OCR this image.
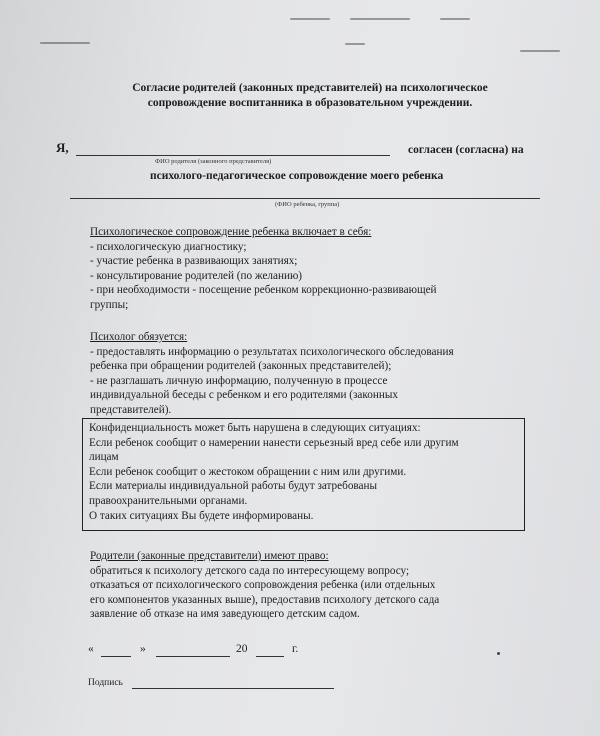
Согласие родителей (законных представителей) на психологическое
сопровождение воспитанника в образовательном учреждении.
Я,
ФИО родителя (законного представителя)
согласен (согласна) на
психолого-педагогическое сопровождение моего ребенка
(ФИО ребенка, группа)
Психологическое сопровождение ребенка включает в себя:
- психологическую диагностику;
- участие ребенка в развивающих занятиях;
- консультирование родителей (по желанию)
- при необходимости - посещение ребенком коррекционно-развивающей
группы;
Психолог обязуется:
- предоставлять информацию о результатах психологического обследования
ребенка при обращении родителей (законных представителей);
- не разглашать личную информацию, полученную в процессе
индивидуальной беседы с ребенком и его родителями (законных
представителей).
Конфиденциальность может быть нарушена в следующих ситуациях:
Если ребенок сообщит о намерении нанести серьезный вред себе или другим
лицам
Если ребенок сообщит о жестоком обращении с ним или другими.
Если материалы индивидуальной работы будут затребованы
правоохранительными органами.
О таких ситуациях Вы будете информированы.
Родители (законные представители) имеют право:
обратиться к психологу детского сада по интересующему вопросу;
отказаться от психологического сопровождения ребенка (или отдельных
его компонентов указанных выше), предоставив психологу детского сада
заявление об отказе на имя заведующего детским садом.
«	»	20	г.
Подпись
